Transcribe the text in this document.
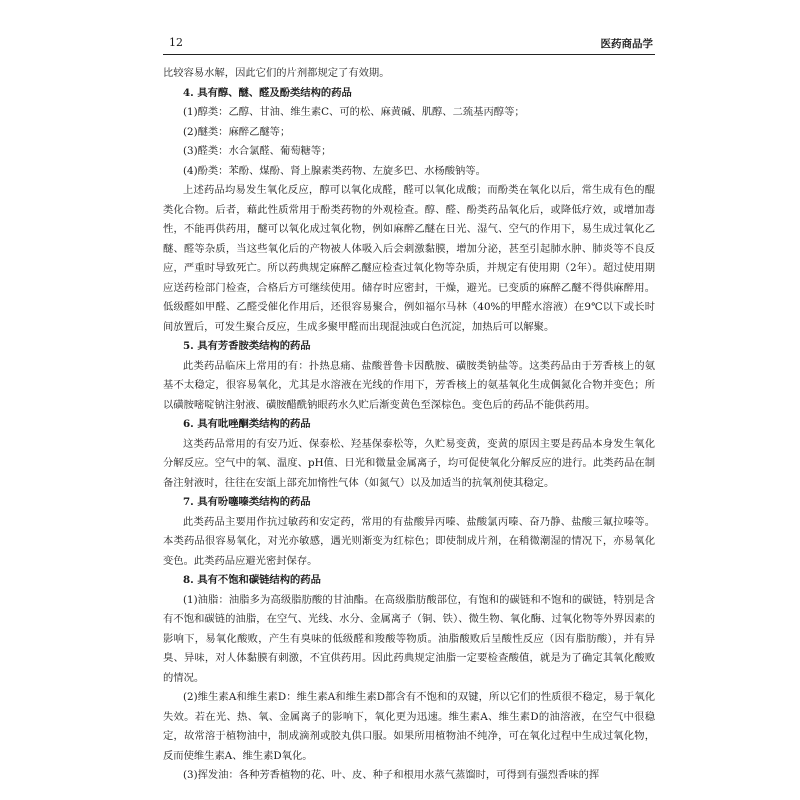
12	医药商品学

比较容易水解，因此它们的片剂都规定了有效期。

4. 具有醇、醚、醛及酚类结构的药品

(1)醇类：乙醇、甘油、维生素C、可的松、麻黄碱、肌醇、二巯基丙醇等；

(2)醚类：麻醉乙醚等；

(3)醛类：水合氯醛、葡萄糖等；

(4)酚类：苯酚、煤酚、肾上腺素类药物、左旋多巴、水杨酸钠等。

上述药品均易发生氧化反应，醇可以氧化成醛，醛可以氧化成酸；而酚类在氧化以后，常生成有色的醌类化合物。后者，藉此性质常用于酚类药物的外观检查。醇、醛、酚类药品氧化后，或降低疗效，或增加毒性，不能再供药用，醚可以氧化成过氧化物，例如麻醉乙醚在日光、湿气、空气的作用下，易生成过氧化乙醚、醛等杂质，当这些氧化后的产物被人体吸入后会刺激黏膜，增加分泌，甚至引起肺水肿、肺炎等不良反应，严重时导致死亡。所以药典规定麻醉乙醚应检查过氧化物等杂质，并规定有使用期（2年）。超过使用期应送药检部门检查，合格后方可继续使用。储存时应密封，干燥，避光。已变质的麻醉乙醚不得供麻醉用。低级醛如甲醛、乙醛受催化作用后，还很容易聚合，例如福尔马林（40%的甲醛水溶液）在9℃以下或长时间放置后，可发生聚合反应，生成多聚甲醛而出现混浊或白色沉淀，加热后可以解聚。

5. 具有芳香胺类结构的药品

此类药品临床上常用的有：扑热息痛、盐酸普鲁卡因酰胺、磺胺类钠盐等。这类药品由于芳香核上的氨基不太稳定，很容易氧化，尤其是水溶液在光线的作用下，芳香核上的氨基氧化生成偶氮化合物并变色；所以磺胺嘧啶钠注射液、磺胺醋酰钠眼药水久贮后渐变黄色至深棕色。变色后的药品不能供药用。

6. 具有吡唑酮类结构的药品

这类药品常用的有安乃近、保泰松、羟基保泰松等，久贮易变黄，变黄的原因主要是药品本身发生氧化分解反应。空气中的氧、温度、pH值、日光和微量金属离子，均可促使氧化分解反应的进行。此类药品在制备注射液时，往往在安瓿上部充加惰性气体（如氮气）以及加适当的抗氧剂使其稳定。

7. 具有吩噻嗪类结构的药品

此类药品主要用作抗过敏药和安定药，常用的有盐酸异丙嗪、盐酸氯丙嗪、奋乃静、盐酸三氟拉嗪等。本类药品很容易氧化，对光亦敏感，遇光则渐变为红棕色；即使制成片剂，在稍微潮湿的情况下，亦易氧化变色。此类药品应避光密封保存。

8. 具有不饱和碳链结构的药品

(1)油脂：油脂多为高级脂肪酸的甘油酯。在高级脂肪酸部位，有饱和的碳链和不饱和的碳链，特别是含有不饱和碳链的油脂，在空气、光线、水分、金属离子（铜、铁）、微生物、氧化酶、过氧化物等外界因素的影响下，易氧化酸败，产生有臭味的低级醛和羧酸等物质。油脂酸败后呈酸性反应（因有脂肪酸），并有异臭、异味，对人体黏膜有刺激，不宜供药用。因此药典规定油脂一定要检查酸值，就是为了确定其氧化酸败的情况。

(2)维生素A和维生素D：维生素A和维生素D都含有不饱和的双键，所以它们的性质很不稳定，易于氧化失效。若在光、热、氧、金属离子的影响下，氧化更为迅速。维生素A、维生素D的油溶液，在空气中很稳定，故常溶于植物油中，制成滴剂或胶丸供口服。如果所用植物油不纯净，可在氧化过程中生成过氧化物，反而使维生素A、维生素D氧化。

(3)挥发油：各种芳香植物的花、叶、皮、种子和根用水蒸气蒸馏时，可得到有强烈香味的挥
